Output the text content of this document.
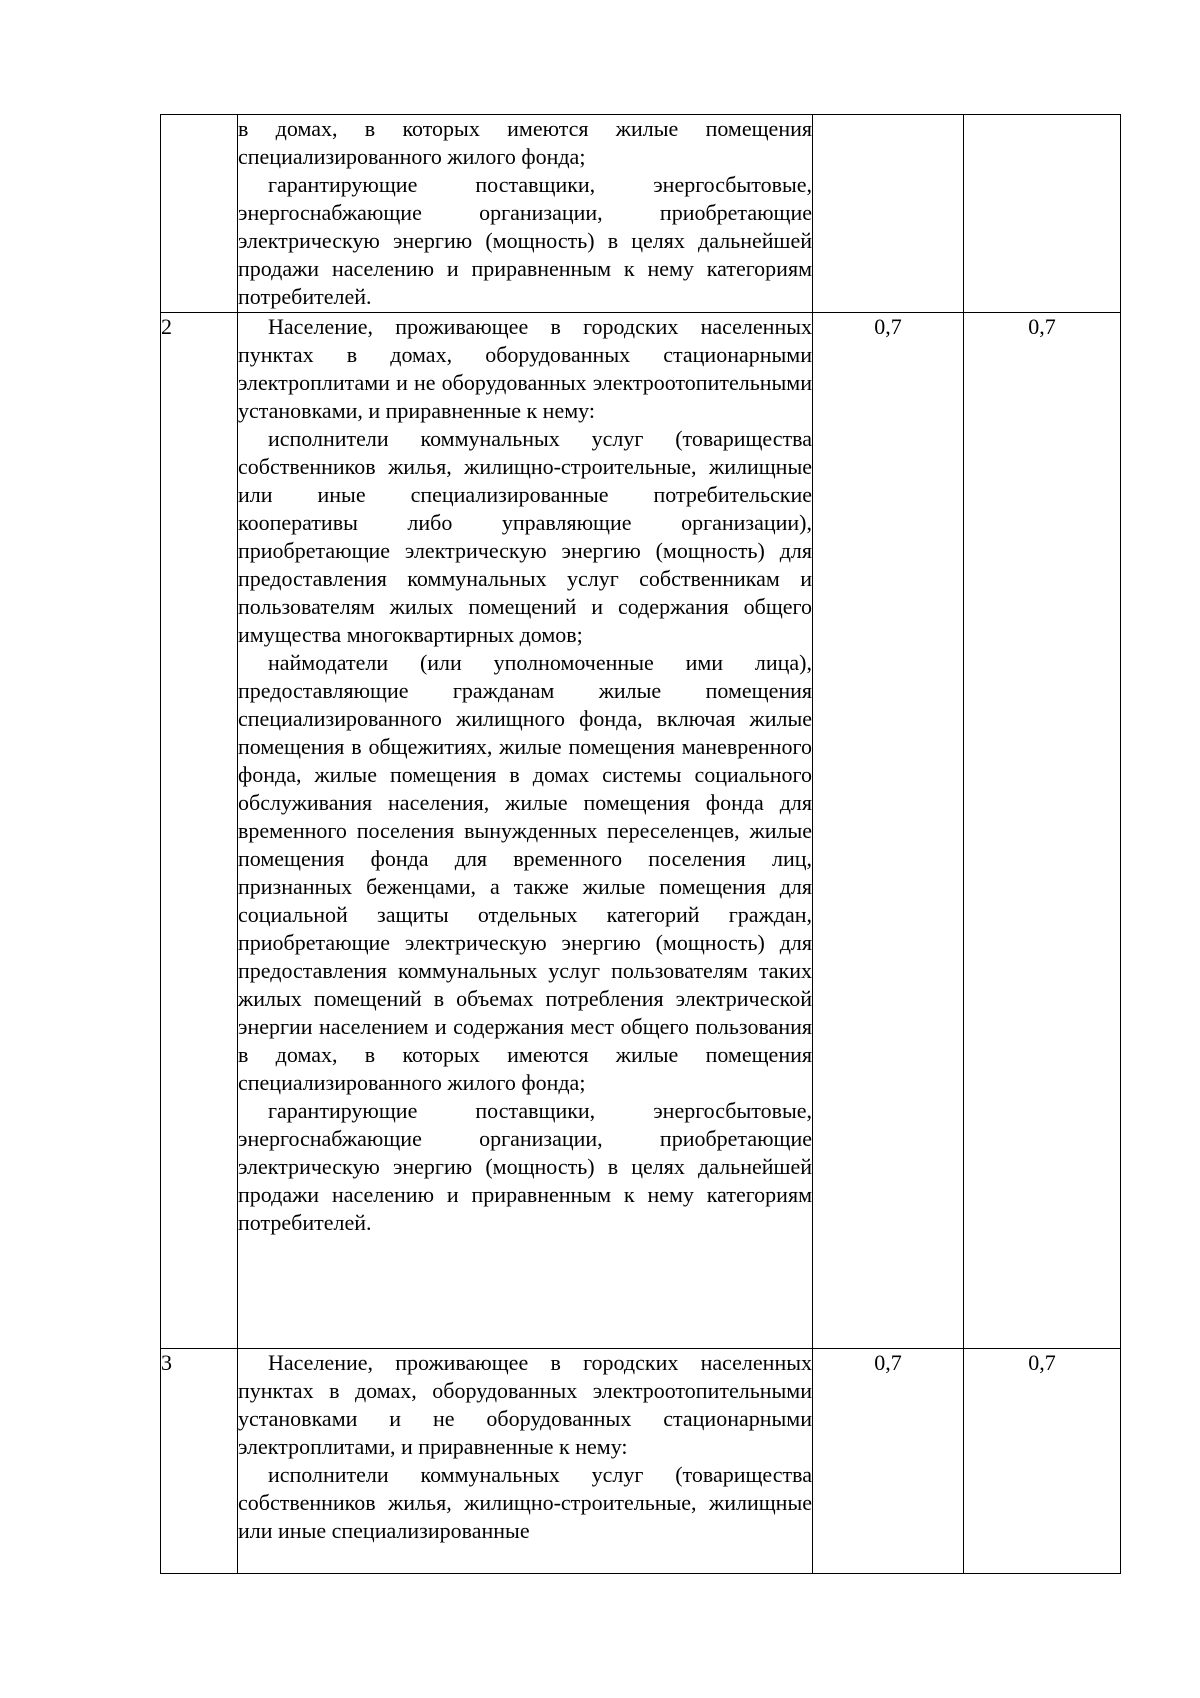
	в домах, в которых имеются жилые помещения специализированного жилого фонда;

гарантирующие поставщики, энергосбытовые, энергоснабжающие организации, приобретающие электрическую энергию (мощность) в целях дальнейшей продажи населению и приравненным к нему категориям потребителей.		

2	Население, проживающее в городских населенных пунктах в домах, оборудованных стационарными электроплитами и не оборудованных электроотопительными установками, и приравненные к нему:

исполнители коммунальных услуг (товарищества собственников жилья, жилищно-строительные, жилищные или иные специализированные потребительские кооперативы либо управляющие организации), приобретающие электрическую энергию (мощность) для предоставления коммунальных услуг собственникам и пользователям жилых помещений и содержания общего имущества многоквартирных домов;

наймодатели (или уполномоченные ими лица), предоставляющие гражданам жилые помещения специализированного жилищного фонда, включая жилые помещения в общежитиях, жилые помещения маневренного фонда, жилые помещения в домах системы социального обслуживания населения, жилые помещения фонда для временного поселения вынужденных переселенцев, жилые помещения фонда для временного поселения лиц, признанных беженцами, а также жилые помещения для социальной защиты отдельных категорий граждан, приобретающие электрическую энергию (мощность) для предоставления коммунальных услуг пользователям таких жилых помещений в объемах потребления электрической энергии населением и содержания мест общего пользования в домах, в которых имеются жилые помещения специализированного жилого фонда;

гарантирующие поставщики, энергосбытовые, энергоснабжающие организации, приобретающие электрическую энергию (мощность) в целях дальнейшей продажи населению и приравненным к нему категориям потребителей.	0,7	0,7
3	Население, проживающее в городских населенных пунктах в домах, оборудованных электроотопительными установками и не оборудованных стационарными электроплитами, и приравненные к нему:

исполнители коммунальных услуг (товарищества собственников жилья, жилищно-строительные, жилищные или иные специализированные	0,7	0,7
